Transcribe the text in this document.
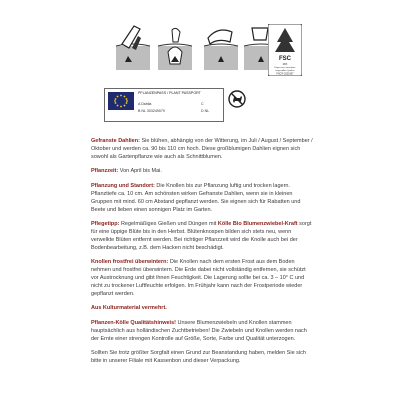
FSC
MIX
Papier aus verantwor-
tungsvollen Quellen
FSC® C021937
PFLANZENPASS / PLANT PASSPORT
A Dahlia
B NL 303249079
C
D NL

Gefranste Dahlien: Sie blühen, abhängig von der Witterung, im Juli / August / September / Oktober und werden ca. 90 bis 110 cm hoch. Diese großblumigen Dahlien eignen sich sowohl als Gartenpflanze wie auch als Schnittblumen.

Pflanzzeit: Von April bis Mai.

Pflanzung und Standort: Die Knollen bis zur Pflanzung luftig und trocken lagern. Pflanztiefe ca. 10 cm. Am schönsten wirken Gefranste Dahlien, wenn sie in kleinen Gruppen mit mind. 60 cm Abstand gepflanzt werden. Sie eignen sich für Rabatten und Beete und lieben einen sonnigen Platz im Garten.

Pflegetipp: Regelmäßiges Gießen und Düngen mit Kölle Bio Blumenzwiebel-Kraft sorgt für eine üppige Blüte bis in den Herbst. Blütenknospen bilden sich stets neu, wenn verwelkte Blüten entfernt werden. Bei richtiger Pflanzzeit wird die Knolle auch bei der Bodenbearbeitung, z.B. dem Hacken nicht beschädigt.

Knollen frostfrei überwintern: Die Knollen nach dem ersten Frost aus dem Boden nehmen und frostfrei überwintern. Die Erde dabei nicht vollständig entfernen, sie schützt vor Austrocknung und gibt ihnen Feuchtigkeit. Die Lagerung sollte bei ca. 3 – 10° C und nicht zu trockener Luftfeuchte erfolgen. Im Frühjahr kann nach der Frostperiode wieder gepflanzt werden.

Aus Kulturmaterial vermehrt.

Pflanzen-Kölle Qualitätshinweis! Unsere Blumenzwiebeln und Knollen stammen hauptsächlich aus holländischen Zuchtbetrieben! Die Zwiebeln und Knollen werden nach der Ernte einer strengen Kontrolle auf Größe, Sorte, Farbe und Qualität unterzogen.

Sollten Sie trotz größter Sorgfalt einen Grund zur Beanstandung haben, melden Sie sich bitte in unserer Filiale mit Kassenbon und dieser Verpackung.
